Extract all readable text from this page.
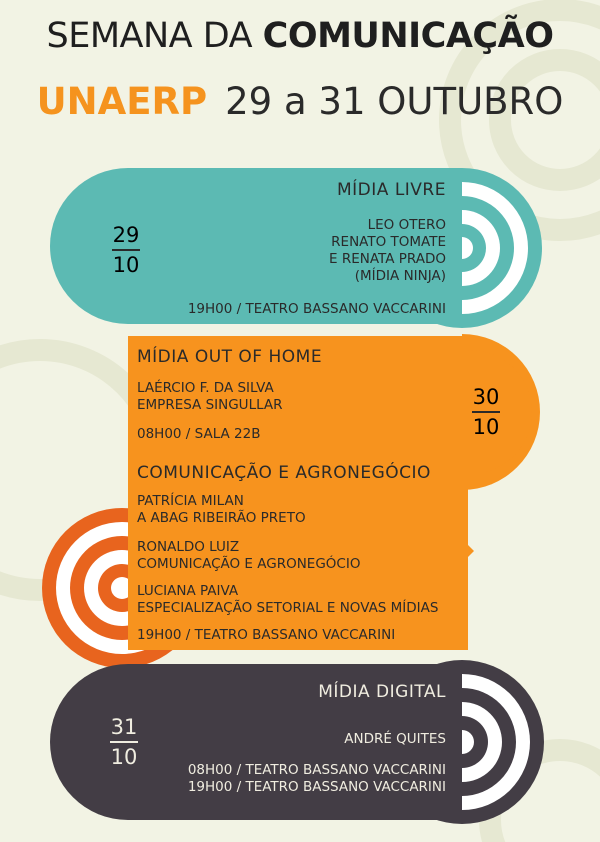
SEMANA DA COMUNICAÇÃO
UNAERP 29 a 31 OUTUBRO
29
10
MÍDIA LIVRE
LEO OTERO
RENATO TOMATE
E RENATA PRADO
(MÍDIA NINJA)
19H00 / TEATRO BASSANO VACCARINI
30
10
MÍDIA OUT OF HOME
LAÉRCIO F. DA SILVA
EMPRESA SINGULLAR
08H00 / SALA 22B
COMUNICAÇÃO E AGRONEGÓCIO
PATRÍCIA MILAN
A ABAG RIBEIRÃO PRETO
RONALDO LUIZ
COMUNICAÇÃO E AGRONEGÓCIO
LUCIANA PAIVA
ESPECIALIZAÇÃO SETORIAL E NOVAS MÍDIAS
19H00 / TEATRO BASSANO VACCARINI
31
10
MÍDIA DIGITAL
ANDRÉ QUITES
08H00 / TEATRO BASSANO VACCARINI
19H00 / TEATRO BASSANO VACCARINI
